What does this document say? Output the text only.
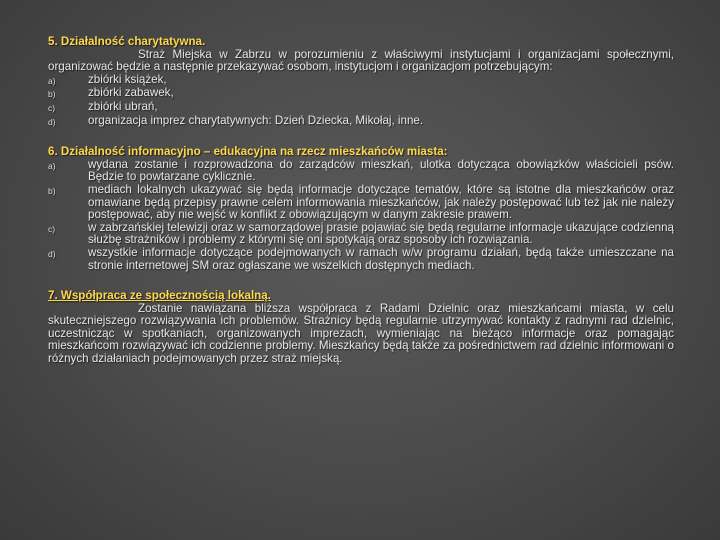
5. Działalność charytatywna.

Straż Miejska w Zabrzu w porozumieniu z właściwymi instytucjami i organizacjami społecznymi, organizować będzie a następnie przekazywać osobom, instytucjom i organizacjom potrzebującym:

a)	zbiórki książek,
b)	zbiórki zabawek,
c)	zbiórki ubrań,
d)	organizacja imprez charytatywnych: Dzień Dziecka, Mikołaj, inne.

6. Działalność informacyjno – edukacyjna na rzecz mieszkańców miasta:

a)	wydana zostanie i rozprowadzona do zarządców mieszkań, ulotka dotycząca obowiązków właścicieli psów. Będzie to powtarzane cyklicznie.
b)	mediach lokalnych ukazywać się będą informacje dotyczące tematów, które są istotne dla mieszkańców oraz omawiane będą przepisy prawne celem informowania mieszkańców, jak należy postępować lub też jak nie należy postępować, aby nie wejść w konflikt z obowiązującym w danym zakresie prawem.
c)	w zabrzańskiej telewizji oraz w samorządowej prasie pojawiać się będą regularne informacje ukazujące codzienną służbę strażników i problemy z którymi się oni spotykają oraz sposoby ich rozwiązania.
d)	wszystkie informacje dotyczące podejmowanych w ramach w/w programu działań, będą także umieszczane na stronie internetowej SM oraz ogłaszane we wszelkich dostępnych mediach.

7. Współpraca ze społecznością lokalną.

Zostanie nawiązana bliższa współpraca z Radami Dzielnic oraz mieszkańcami miasta, w celu skuteczniejszego rozwiązywania ich problemów. Strażnicy będą regularnie utrzymywać kontakty z radnymi rad dzielnic, uczestnicząc w spotkaniach, organizowanych imprezach, wymieniając na bieżąco informacje oraz pomagając mieszkańcom rozwiązywać ich codzienne problemy. Mieszkańcy będą także za pośrednictwem rad dzielnic informowani o różnych działaniach podejmowanych przez straż miejską.
